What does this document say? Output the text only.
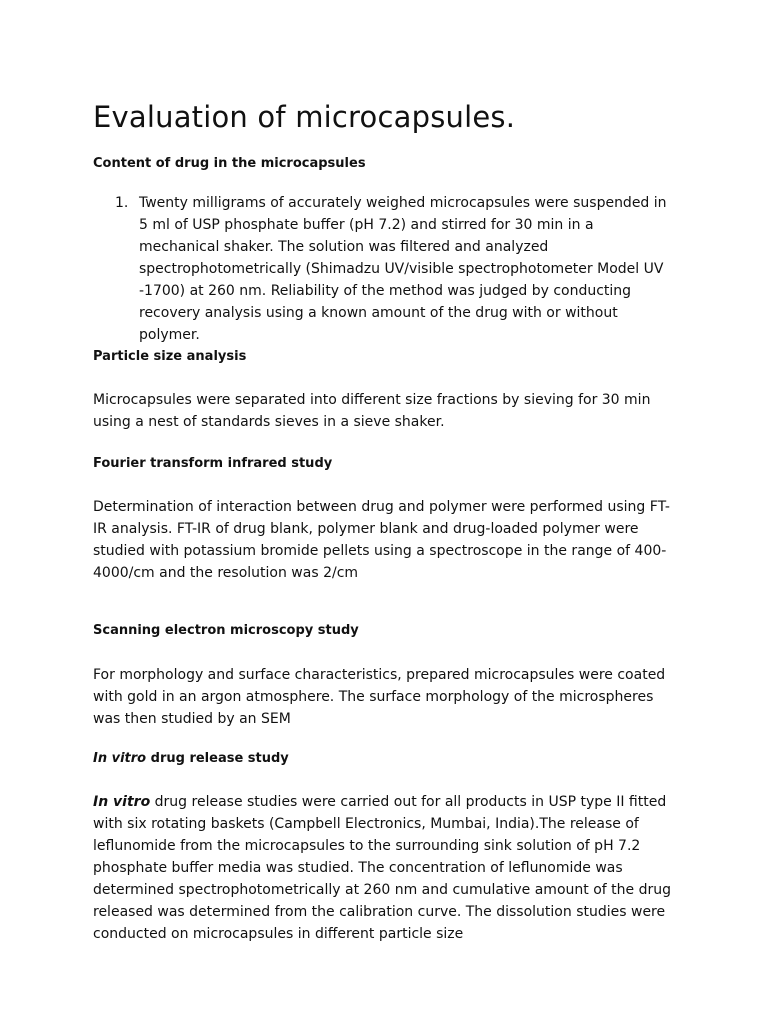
Evaluation of microcapsules.
Content of drug in the microcapsules
1. Twenty milligrams of accurately weighed microcapsules were suspended in 5 ml of USP phosphate buffer (pH 7.2) and stirred for 30 min in a mechanical shaker. The solution was filtered and analyzed spectrophotometrically (Shimadzu UV/visible spectrophotometer Model UV -1700) at 260 nm. Reliability of the method was judged by conducting recovery analysis using a known amount of the drug with or without polymer.
Particle size analysis

Microcapsules were separated into different size fractions by sieving for 30 min using a nest of standards sieves in a sieve shaker.

Fourier transform infrared study

Determination of interaction between drug and polymer were performed using FT-IR analysis. FT-IR of drug blank, polymer blank and drug-loaded polymer were studied with potassium bromide pellets using a spectroscope in the range of 400-4000/cm and the resolution was 2/cm

Scanning electron microscopy study

For morphology and surface characteristics, prepared microcapsules were coated with gold in an argon atmosphere. The surface morphology of the microspheres was then studied by an SEM

In vitro drug release study

In vitro drug release studies were carried out for all products in USP type II fitted with six rotating baskets (Campbell Electronics, Mumbai, India).The release of leflunomide from the microcapsules to the surrounding sink solution of pH 7.2 phosphate buffer media was studied. The concentration of leflunomide was determined spectrophotometrically at 260 nm and cumulative amount of the drug released was determined from the calibration curve. The dissolution studies were conducted on microcapsules in different particle size
